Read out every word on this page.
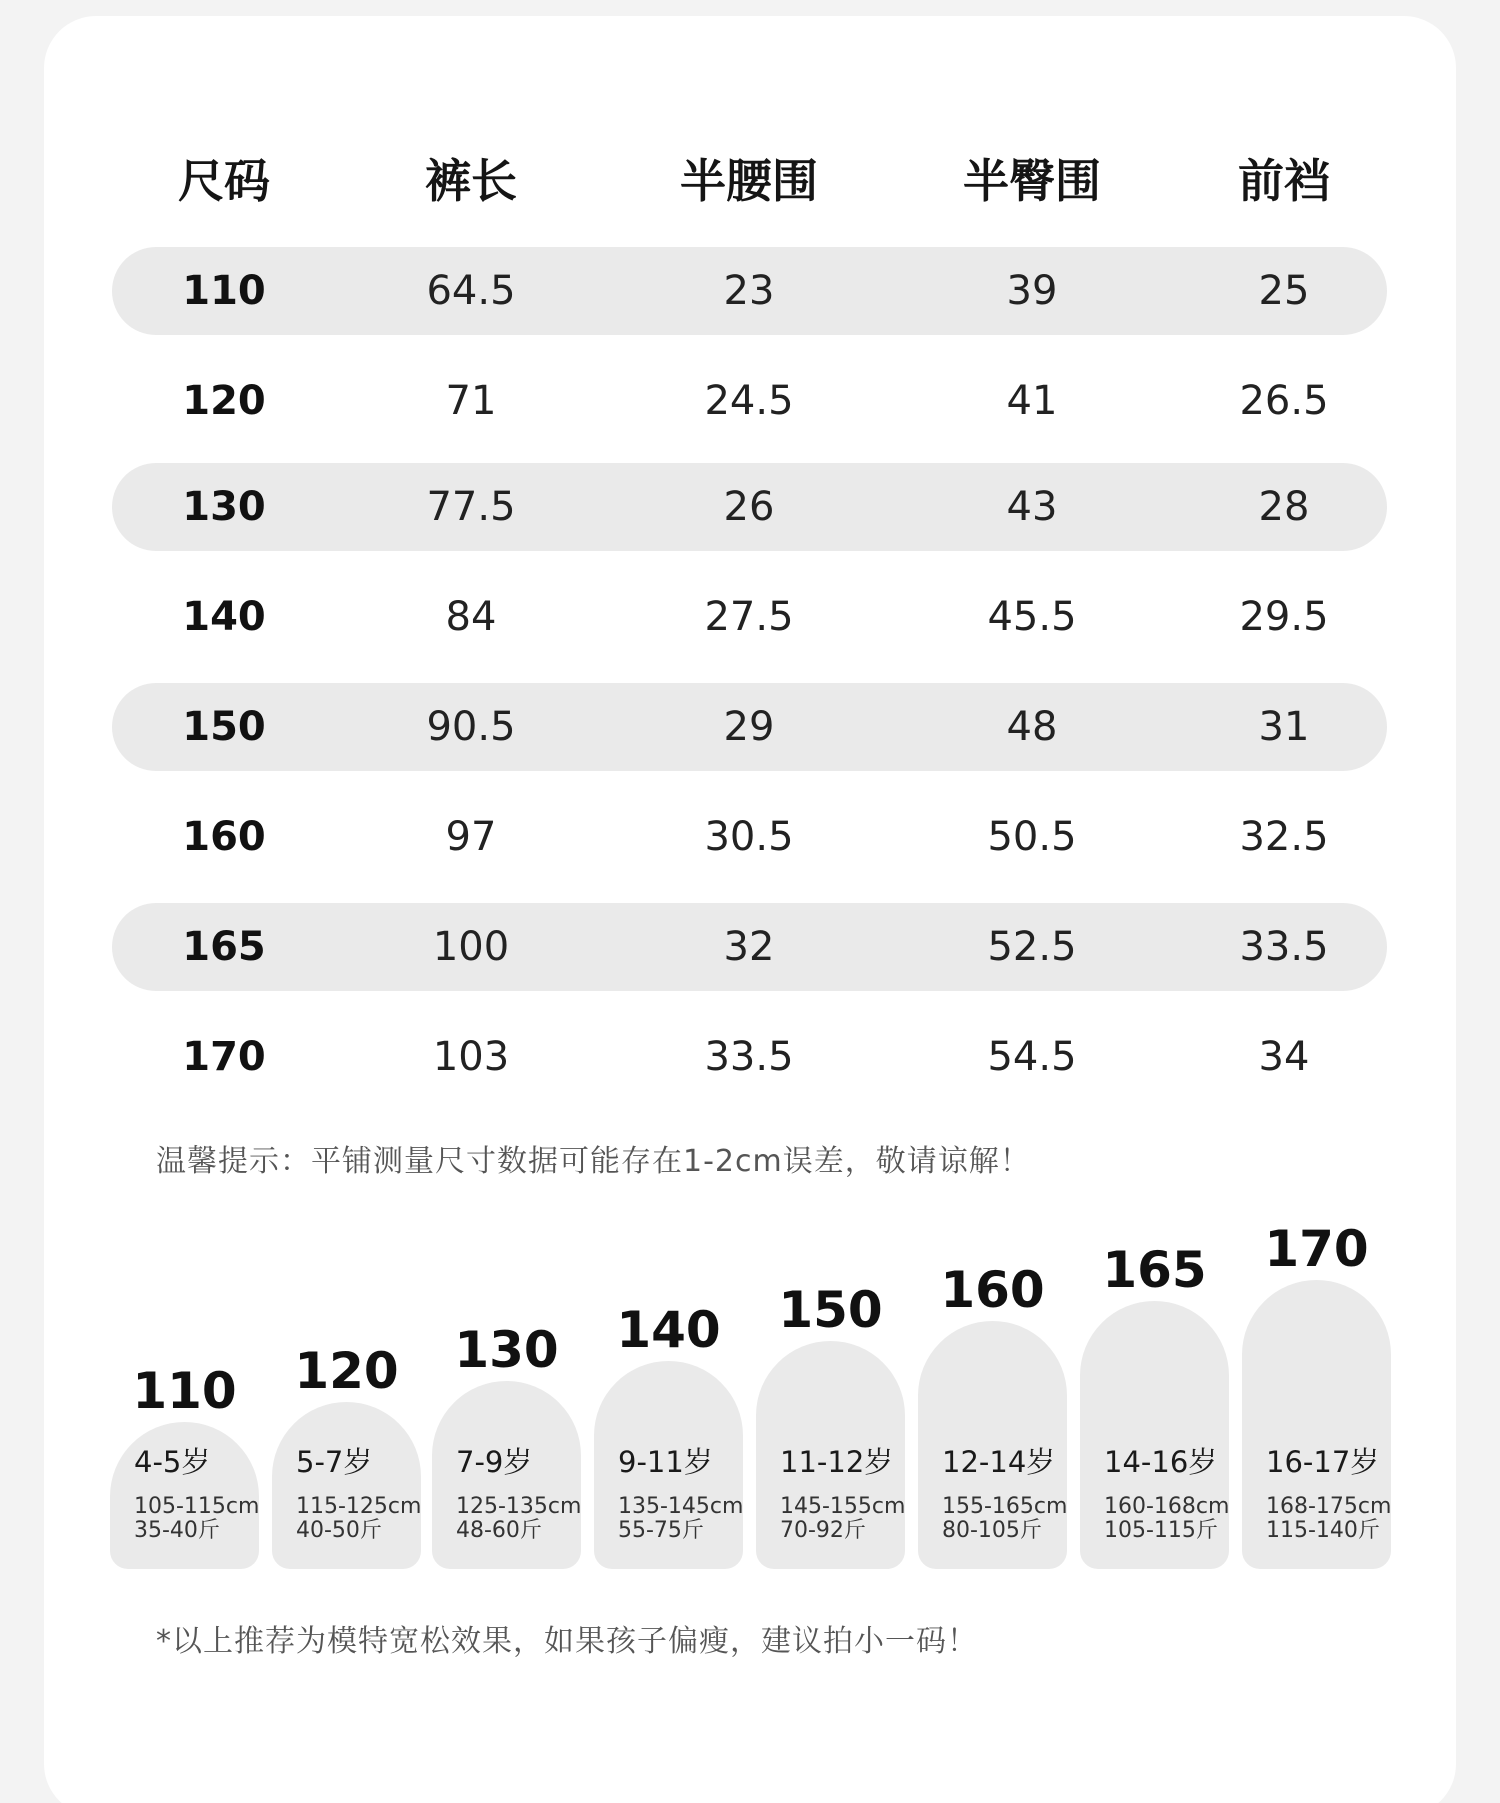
尺码	裤长	半腰围	半臀围	前裆
110	64.5	23	39	25
120	71	24.5	41	26.5
130	77.5	26	43	28
140	84	27.5	45.5	29.5
150	90.5	29	48	31
160	97	30.5	50.5	32.5
165	100	32	52.5	33.5
170	103	33.5	54.5	34
温馨提示：平铺测量尺寸数据可能存在1-2cm误差，敬请谅解！
110
4-5岁
105-115cm
35-40斤
120
5-7岁
115-125cm
40-50斤
130
7-9岁
125-135cm
48-60斤
140
9-11岁
135-145cm
55-75斤
150
11-12岁
145-155cm
70-92斤
160
12-14岁
155-165cm
80-105斤
165
14-16岁
160-168cm
105-115斤
170
16-17岁
168-175cm
115-140斤
*以上推荐为模特宽松效果，如果孩子偏瘦，建议拍小一码！
